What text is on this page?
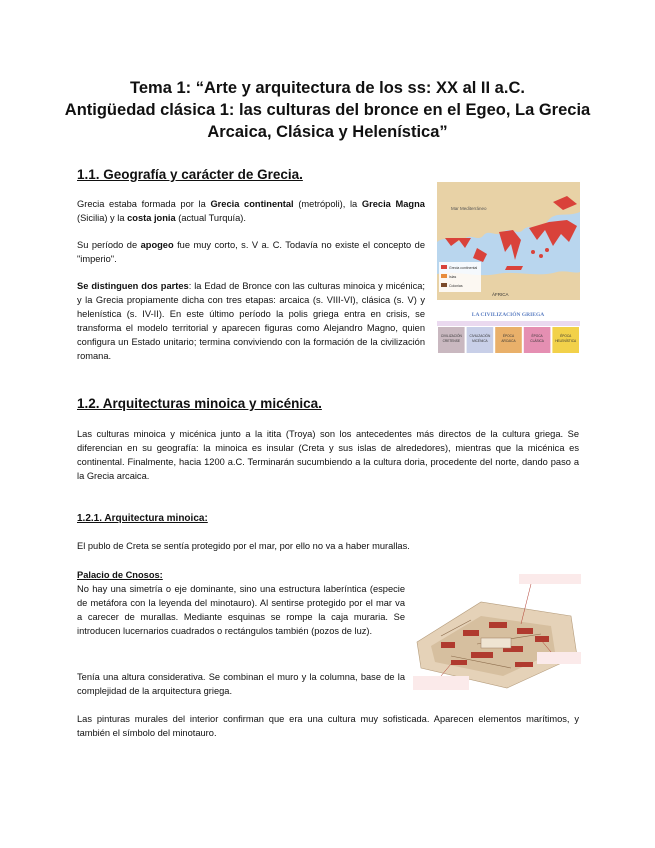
Tema 1: “Arte y arquitectura de los ss: XX al II a.C.
Antigüedad clásica 1: las culturas del bronce en el Egeo, La Grecia
Arcaica, Clásica y Helenística”
1.1. Geografía y carácter de Grecia.
Grecia estaba formada por la Grecia continental (metrópoli), la Grecia Magna (Sicilia) y la costa jonia (actual Turquía).
Su período de apogeo fue muy corto, s. V a. C. Todavía no existe el concepto de "imperio".
Se distinguen dos partes: la Edad de Bronce con las culturas minoica y micénica; y la Grecia propiamente dicha con tres etapas: arcaica (s. VIII-VI), clásica (s. V) y helenística (s. IV-II). En este último período la polis griega entra en crisis, se transforma el modelo territorial y aparecen figuras como Alejandro Magno, quien configura un Estado unitario; termina conviviendo con la formación de la civilización romana.
Grecia continental
Islas
Colonias
Mar Mediterráneo
ÁFRICA
LA CIVILIZACIÓN GRIEGA
CIVILIZACIÓN
CRETENSE
CIVILIZACIÓN
MICÉNICA
ÉPOCA
ARCAICA
ÉPOCA
CLÁSICA
ÉPOCA
HELENÍSTICA
1.2. Arquitecturas minoica y micénica.
Las culturas minoica y micénica junto a la itita (Troya) son los antecedentes más directos de la cultura griega. Se diferencian en su geografía: la minoica es insular (Creta y sus islas de alrededores), mientras que la micénica es continental. Finalmente, hacia 1200 a.C. Terminarán sucumbiendo a la cultura doria, procedente del norte, dando paso a la Grecia arcaica.
1.2.1. Arquitectura minoica:
El publo de Creta se sentía protegido por el mar, por ello no va a haber murallas.
Palacio de Cnosos:
No hay una simetría o eje dominante, sino una estructura laberíntica (especie de metáfora con la leyenda del minotauro). Al sentirse protegido por el mar va a carecer de murallas. Mediante esquinas se rompe la caja muraria. Se introducen lucernarios cuadrados o rectángulos también (pozos de luz).
Tenía una altura considerativa. Se combinan el muro y la columna, base de la complejidad de la arquitectura griega.
Las pinturas murales del interior confirman que era una cultura muy sofisticada. Aparecen elementos marítimos, y también el símbolo del minotauro.
